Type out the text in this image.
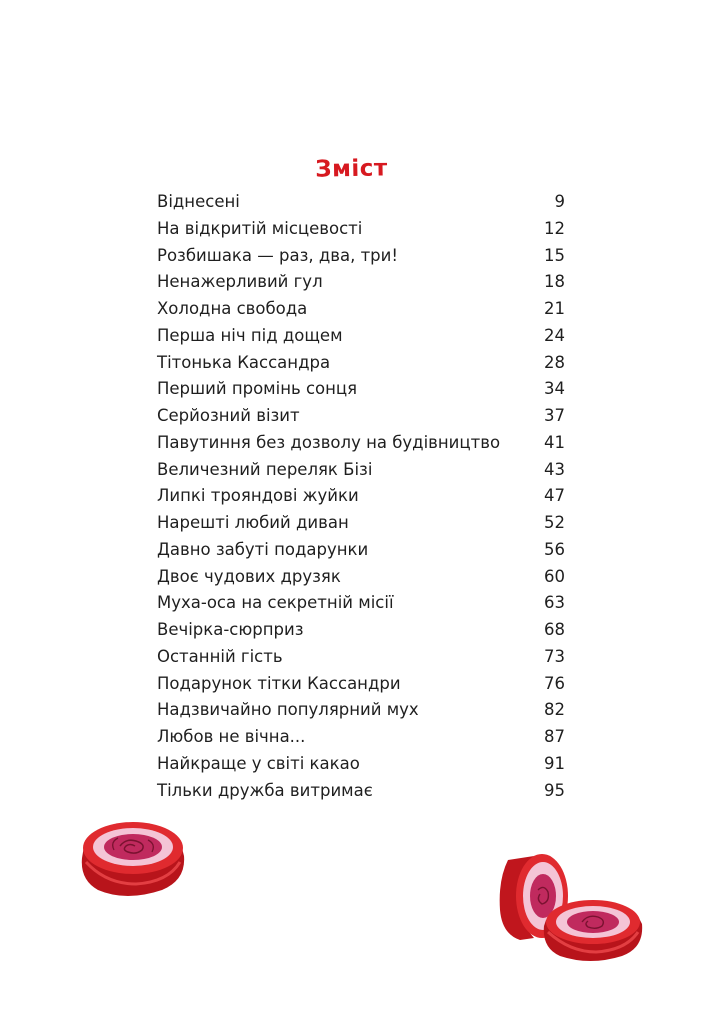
Зміст
Віднесені	9
На відкритій місцевості	12
Розбишака — раз, два, три!	15
Ненажерливий гул	18
Холодна свобода	21
Перша ніч під дощем	24
Тітонька Кассандра	28
Перший промінь сонця	34
Серйозний візит	37
Павутиння без дозволу на будівництво	41
Величезний переляк Бізі	43
Липкі трояндові жуйки	47
Нарешті любий диван	52
Давно забуті подарунки	56
Двоє чудових друзяк	60
Муха-оса на секретній місії	63
Вечірка-сюрприз	68
Останній гість	73
Подарунок тітки Кассандри	76
Надзвичайно популярний мух	82
Любов не вічна...	87
Найкраще у світі какао	91
Тільки дружба витримає	95
